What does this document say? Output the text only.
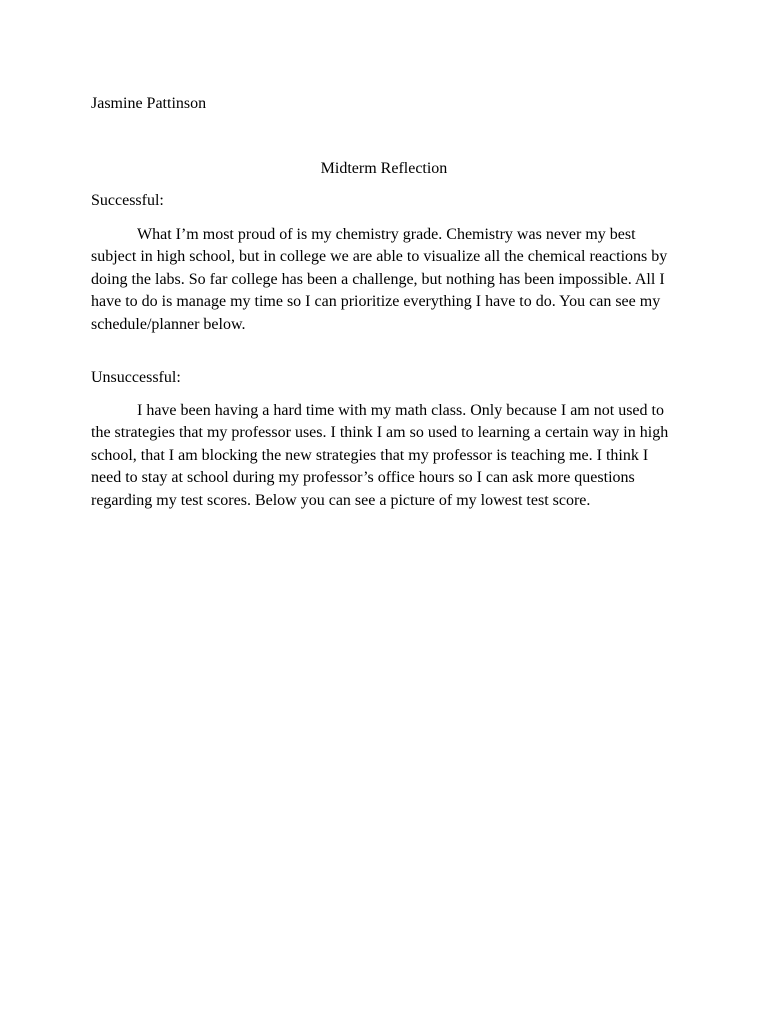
Jasmine Pattinson

Midterm Reflection
Successful:

What I’m most proud of is my chemistry grade. Chemistry was never my best subject in high school, but in college we are able to visualize all the chemical reactions by doing the labs. So far college has been a challenge, but nothing has been impossible. All I have to do is manage my time so I can prioritize everything I have to do. You can see my schedule/planner below.

Unsuccessful:

I have been having a hard time with my math class. Only because I am not used to the strategies that my professor uses. I think I am so used to learning a certain way in high school, that I am blocking the new strategies that my professor is teaching me. I think I need to stay at school during my professor’s office hours so I can ask more questions regarding my test scores. Below you can see a picture of my lowest test score.
